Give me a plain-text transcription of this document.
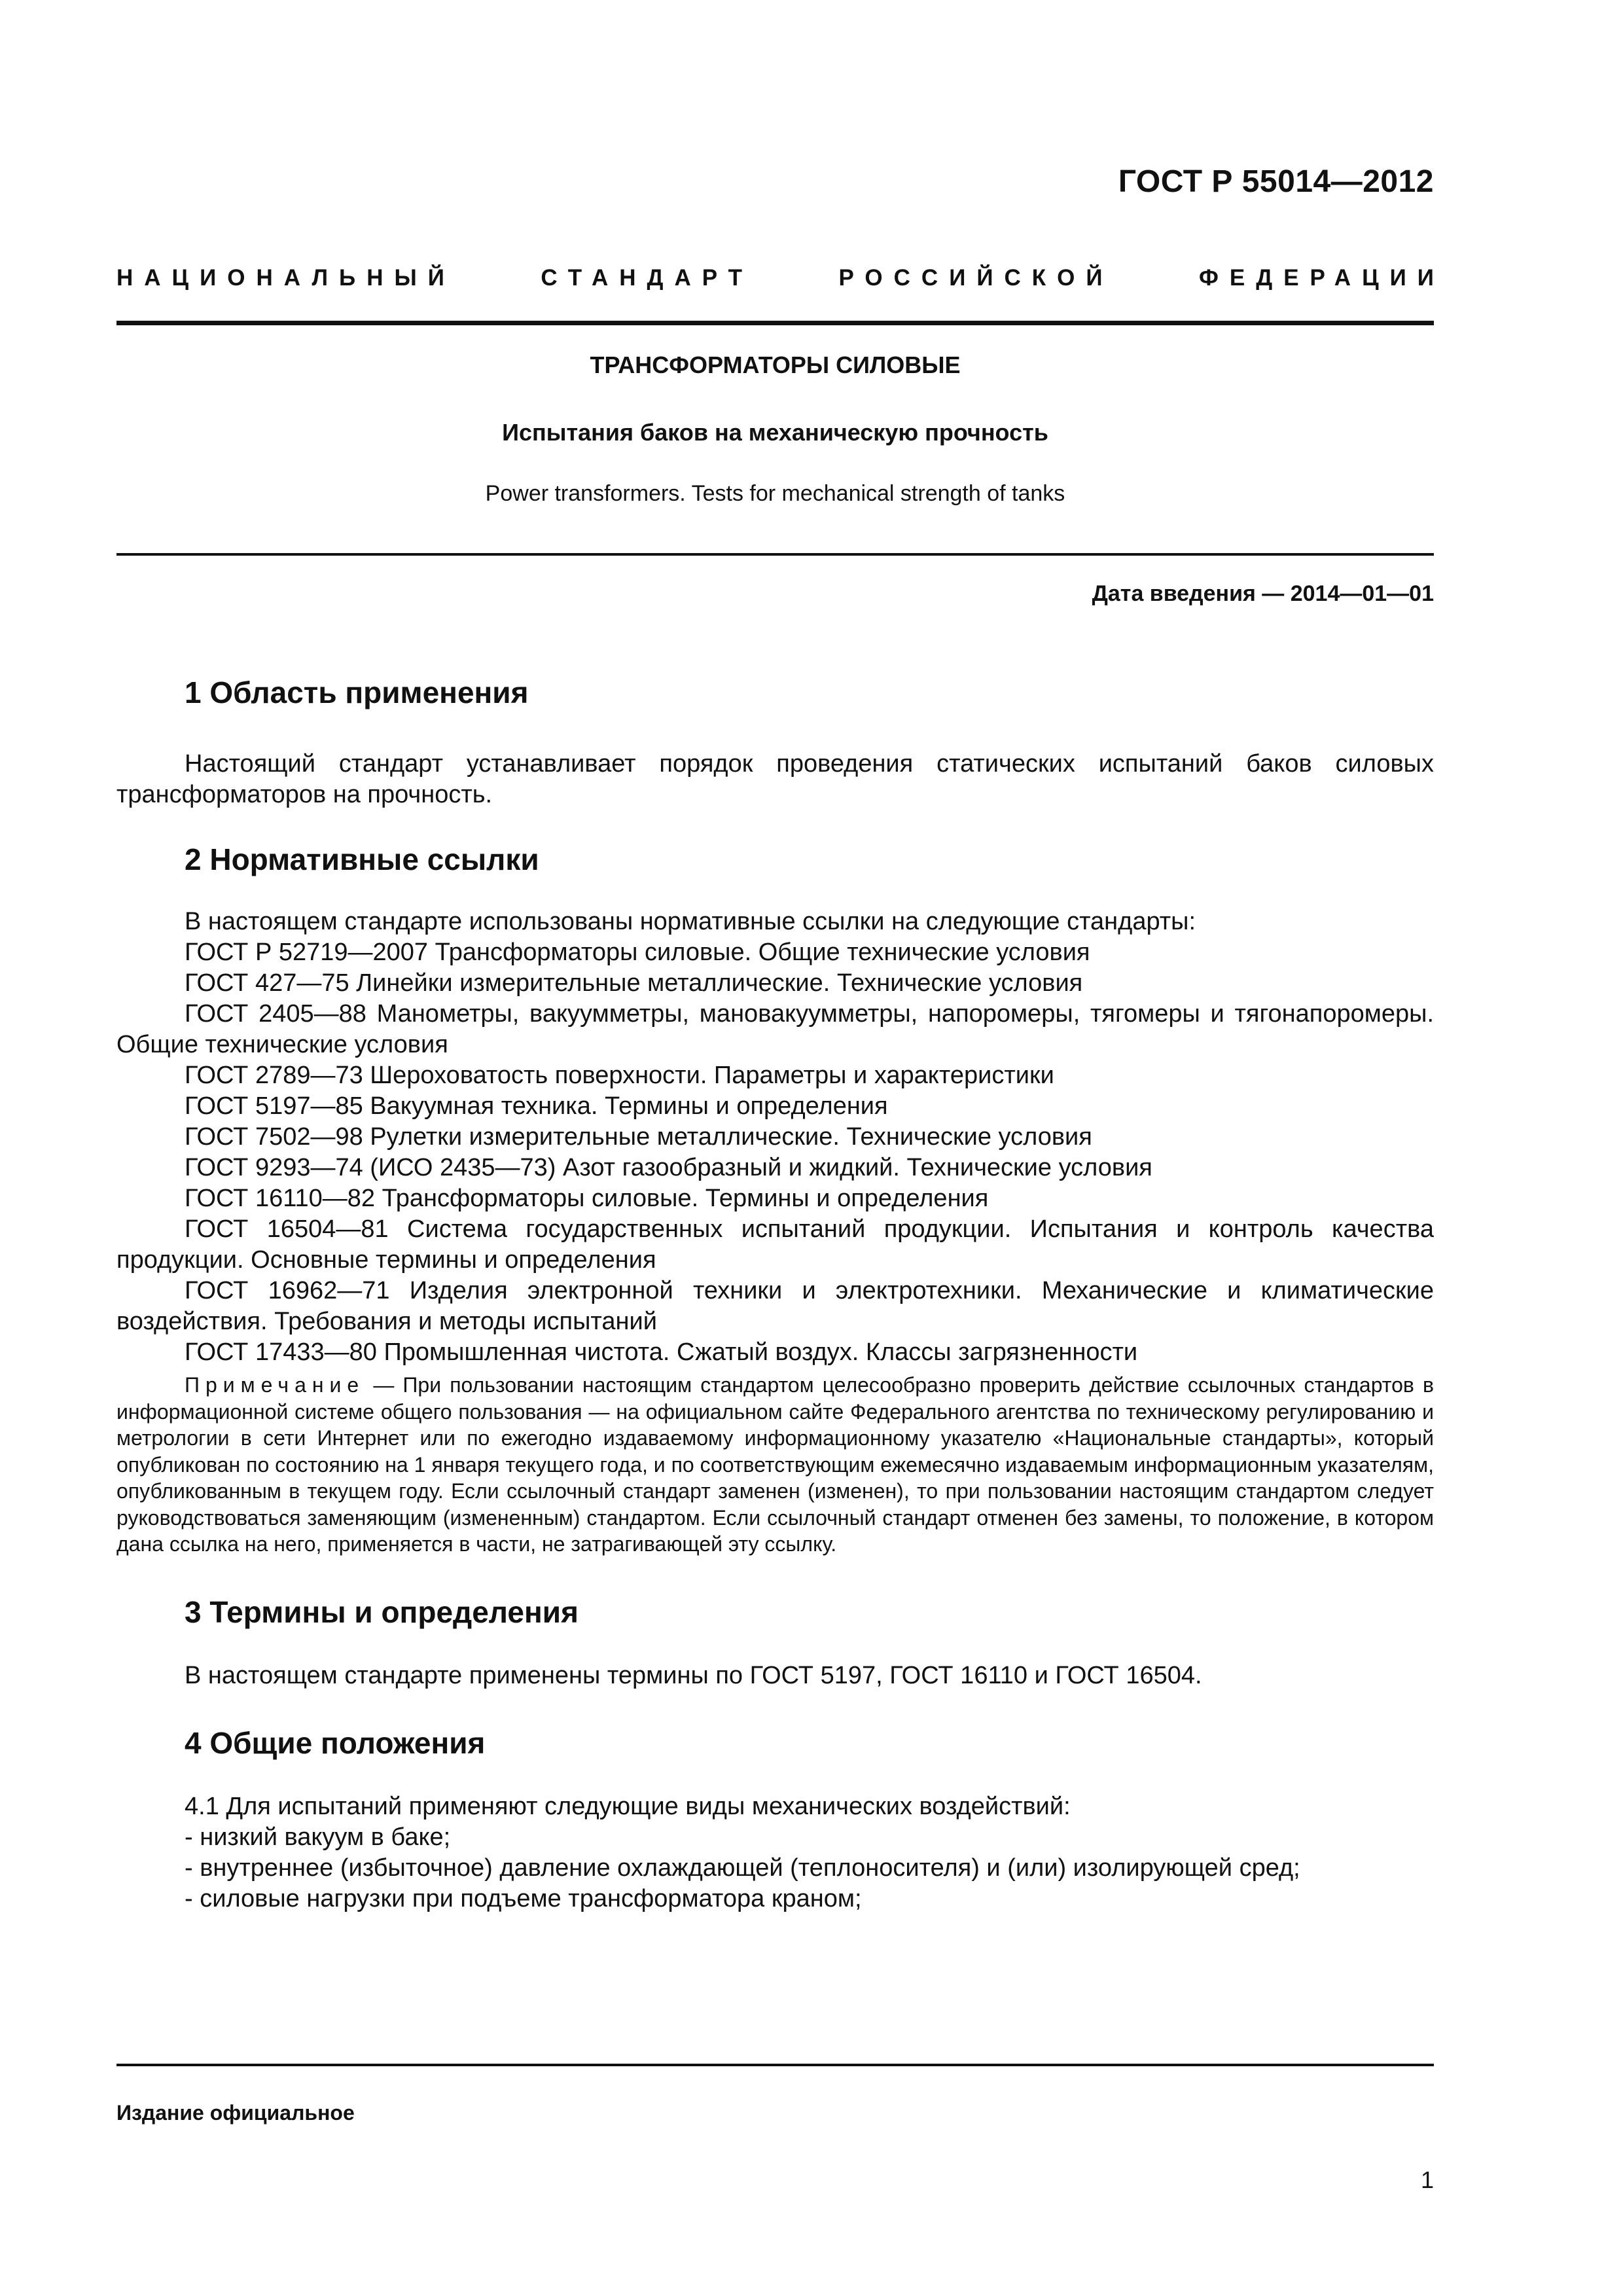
ГОСТ Р 55014—2012
НАЦИОНАЛЬНЫЙ	СТАНДАРТ	РОССИЙСКОЙ	ФЕДЕРАЦИИ
ТРАНСФОРМАТОРЫ СИЛОВЫЕ
Испытания баков на механическую прочность
Power transformers. Tests for mechanical strength of tanks
Дата введения — 2014—01—01
1 Область применения

Настоящий стандарт устанавливает порядок проведения статических испытаний баков силовых трансформаторов на прочность.

2 Нормативные ссылки

В настоящем стандарте использованы нормативные ссылки на следующие стандарты:

ГОСТ Р 52719—2007 Трансформаторы силовые. Общие технические условия

ГОСТ 427—75 Линейки измерительные металлические. Технические условия

ГОСТ 2405—88 Манометры, вакуумметры, мановакуумметры, напоромеры, тягомеры и тягонапоромеры. Общие технические условия

ГОСТ 2789—73 Шероховатость поверхности. Параметры и характеристики

ГОСТ 5197—85 Вакуумная техника. Термины и определения

ГОСТ 7502—98 Рулетки измерительные металлические. Технические условия

ГОСТ 9293—74 (ИСО 2435—73) Азот газообразный и жидкий. Технические условия

ГОСТ 16110—82 Трансформаторы силовые. Термины и определения

ГОСТ 16504—81 Система государственных испытаний продукции. Испытания и контроль качества продукции. Основные термины и определения

ГОСТ 16962—71 Изделия электронной техники и электротехники. Механические и климатические воздействия. Требования и методы испытаний

ГОСТ 17433—80 Промышленная чистота. Сжатый воздух. Классы загрязненности

Примечание — При пользовании настоящим стандартом целесообразно проверить действие ссылочных стандартов в информационной системе общего пользования — на официальном сайте Федерального агентства по техническому регулированию и метрологии в сети Интернет или по ежегодно издаваемому информационному указателю «Национальные стандарты», который опубликован по состоянию на 1 января текущего года, и по соответствующим ежемесячно издаваемым информационным указателям, опубликованным в текущем году. Если ссылочный стандарт заменен (изменен), то при пользовании настоящим стандартом следует руководствоваться заменяющим (измененным) стандартом. Если ссылочный стандарт отменен без замены, то положение, в котором дана ссылка на него, применяется в части, не затрагивающей эту ссылку.

3 Термины и определения

В настоящем стандарте применены термины по ГОСТ 5197, ГОСТ 16110 и ГОСТ 16504.

4 Общие положения

4.1 Для испытаний применяют следующие виды механических воздействий:

- низкий вакуум в баке;

- внутреннее (избыточное) давление охлаждающей (теплоносителя) и (или) изолирующей сред;

- силовые нагрузки при подъеме трансформатора краном;

Издание официальное
1
